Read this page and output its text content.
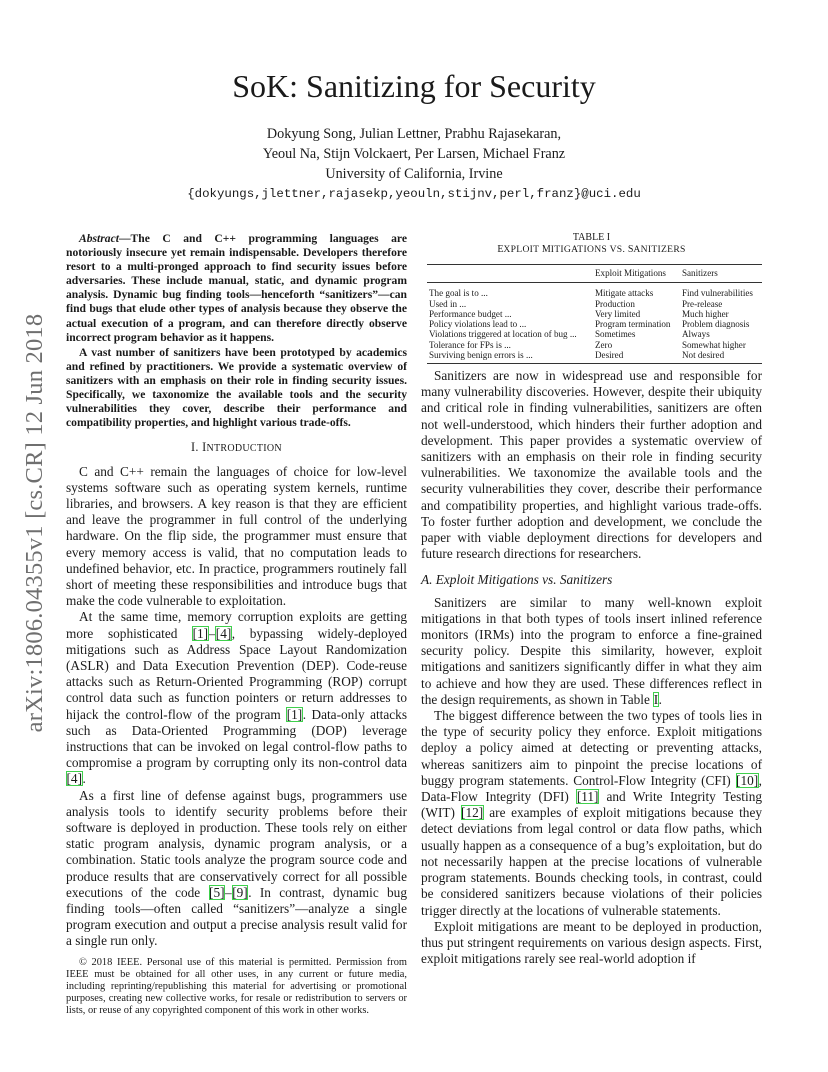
SoK: Sanitizing for Security
Dokyung Song, Julian Lettner, Prabhu Rajasekaran,
Yeoul Na, Stijn Volckaert, Per Larsen, Michael Franz
University of California, Irvine
{dokyungs,jlettner,rajasekp,yeouln,stijnv,perl,franz}@uci.edu
arXiv:1806.04355v1 [cs.CR] 12 Jun 2018

Abstract—The C and C++ programming languages are notoriously insecure yet remain indispensable. Developers therefore resort to a multi-pronged approach to find security issues before adversaries. These include manual, static, and dynamic program analysis. Dynamic bug finding tools—henceforth “sanitizers”—can find bugs that elude other types of analysis because they observe the actual execution of a program, and can therefore directly observe incorrect program behavior as it happens.

A vast number of sanitizers have been prototyped by academics and refined by practitioners. We provide a systematic overview of sanitizers with an emphasis on their role in finding security issues. Specifically, we taxonomize the available tools and the security vulnerabilities they cover, describe their performance and compatibility properties, and highlight various trade-offs.

I. INTRODUCTION

C and C++ remain the languages of choice for low-level systems software such as operating system kernels, runtime libraries, and browsers. A key reason is that they are efficient and leave the programmer in full control of the underlying hardware. On the flip side, the programmer must ensure that every memory access is valid, that no computation leads to undefined behavior, etc. In practice, programmers routinely fall short of meeting these responsibilities and introduce bugs that make the code vulnerable to exploitation.

At the same time, memory corruption exploits are getting more sophisticated [1]–[4], bypassing widely-deployed mitigations such as Address Space Layout Randomization (ASLR) and Data Execution Prevention (DEP). Code-reuse attacks such as Return-Oriented Programming (ROP) corrupt control data such as function pointers or return addresses to hijack the control-flow of the program [1]. Data-only attacks such as Data-Oriented Programming (DOP) leverage instructions that can be invoked on legal control-flow paths to compromise a program by corrupting only its non-control data [4].

As a first line of defense against bugs, programmers use analysis tools to identify security problems before their software is deployed in production. These tools rely on either static program analysis, dynamic program analysis, or a combination. Static tools analyze the program source code and produce results that are conservatively correct for all possible executions of the code [5]–[9]. In contrast, dynamic bug finding tools—often called “sanitizers”—analyze a single program execution and output a precise analysis result valid for a single run only.

© 2018 IEEE. Personal use of this material is permitted. Permission from IEEE must be obtained for all other uses, in any current or future media, including reprinting/republishing this material for advertising or promotional purposes, creating new collective works, for resale or redistribution to servers or lists, or reuse of any copyrighted component of this work in other works.

TABLE I
EXPLOIT MITIGATIONS VS. SANITIZERS

	Exploit Mitigations	Sanitizers
The goal is to ...	Mitigate attacks	Find vulnerabilities
Used in ...	Production	Pre-release
Performance budget ...	Very limited	Much higher
Policy violations lead to ...	Program termination	Problem diagnosis
Violations triggered at location of bug ...	Sometimes	Always
Tolerance for FPs is ...	Zero	Somewhat higher
Surviving benign errors is ...	Desired	Not desired

Sanitizers are now in widespread use and responsible for many vulnerability discoveries. However, despite their ubiquity and critical role in finding vulnerabilities, sanitizers are often not well-understood, which hinders their further adoption and development. This paper provides a systematic overview of sanitizers with an emphasis on their role in finding security vulnerabilities. We taxonomize the available tools and the security vulnerabilities they cover, describe their performance and compatibility properties, and highlight various trade-offs. To foster further adoption and development, we conclude the paper with viable deployment directions for developers and future research directions for researchers.

A. Exploit Mitigations vs. Sanitizers

Sanitizers are similar to many well-known exploit mitigations in that both types of tools insert inlined reference monitors (IRMs) into the program to enforce a fine-grained security policy. Despite this similarity, however, exploit mitigations and sanitizers significantly differ in what they aim to achieve and how they are used. These differences reflect in the design requirements, as shown in Table I.

The biggest difference between the two types of tools lies in the type of security policy they enforce. Exploit mitigations deploy a policy aimed at detecting or preventing attacks, whereas sanitizers aim to pinpoint the precise locations of buggy program statements. Control-Flow Integrity (CFI) [10], Data-Flow Integrity (DFI) [11] and Write Integrity Testing (WIT) [12] are examples of exploit mitigations because they detect deviations from legal control or data flow paths, which usually happen as a consequence of a bug’s exploitation, but do not necessarily happen at the precise locations of vulnerable program statements. Bounds checking tools, in contrast, could be considered sanitizers because violations of their policies trigger directly at the locations of vulnerable statements.

Exploit mitigations are meant to be deployed in production, thus put stringent requirements on various design aspects. First, exploit mitigations rarely see real-world adoption if
